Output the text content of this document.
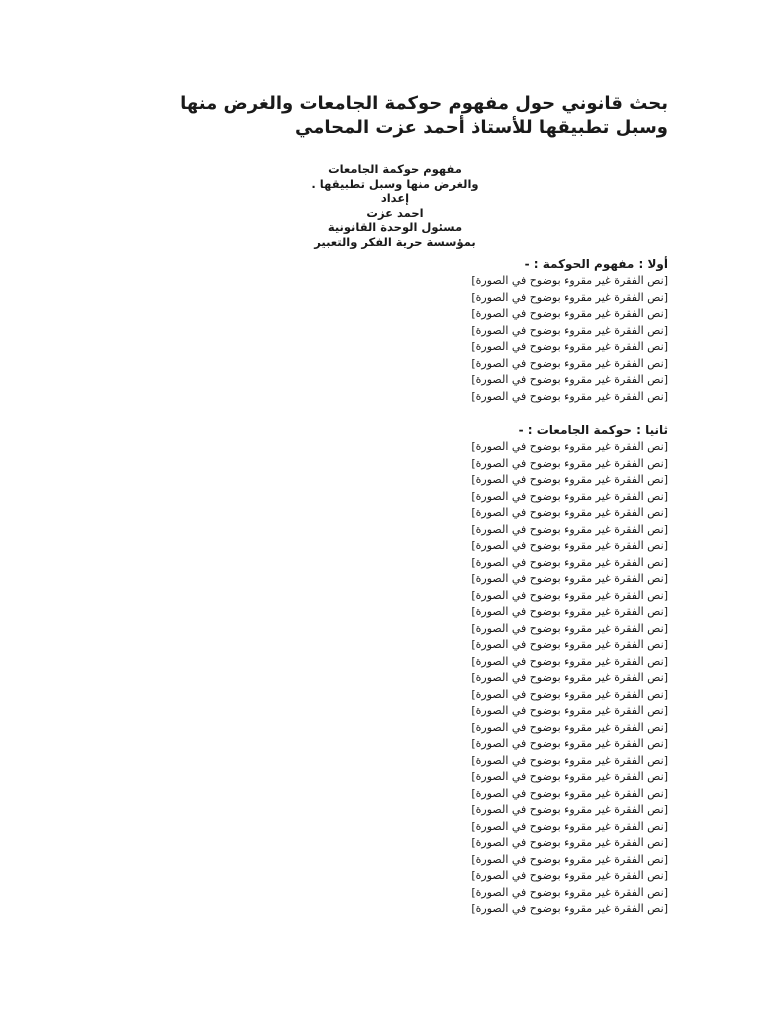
بحث قانوني حول مفهوم حوكمة الجامعات والغرض منها وسبل تطبيقها للأستاذ أحمد عزت المحامي
مفهوم حوكمة الجامعات
والغرض منها وسبل تطبيقها .
إعداد
احمد عزت
مسئول الوحدة القانونية
بمؤسسة حرية الفكر والتعبير
أولا : مفهوم الحوكمة : -
[نص الفقرة غير مقروء بوضوح في الصورة]
[نص الفقرة غير مقروء بوضوح في الصورة]
[نص الفقرة غير مقروء بوضوح في الصورة]
[نص الفقرة غير مقروء بوضوح في الصورة]
[نص الفقرة غير مقروء بوضوح في الصورة]
[نص الفقرة غير مقروء بوضوح في الصورة]
[نص الفقرة غير مقروء بوضوح في الصورة]
[نص الفقرة غير مقروء بوضوح في الصورة]
ثانيا : حوكمة الجامعات : -
[نص الفقرة غير مقروء بوضوح في الصورة]
[نص الفقرة غير مقروء بوضوح في الصورة]
[نص الفقرة غير مقروء بوضوح في الصورة]
[نص الفقرة غير مقروء بوضوح في الصورة]
[نص الفقرة غير مقروء بوضوح في الصورة]
[نص الفقرة غير مقروء بوضوح في الصورة]
[نص الفقرة غير مقروء بوضوح في الصورة]
[نص الفقرة غير مقروء بوضوح في الصورة]
[نص الفقرة غير مقروء بوضوح في الصورة]
[نص الفقرة غير مقروء بوضوح في الصورة]
[نص الفقرة غير مقروء بوضوح في الصورة]
[نص الفقرة غير مقروء بوضوح في الصورة]
[نص الفقرة غير مقروء بوضوح في الصورة]
[نص الفقرة غير مقروء بوضوح في الصورة]
[نص الفقرة غير مقروء بوضوح في الصورة]
[نص الفقرة غير مقروء بوضوح في الصورة]
[نص الفقرة غير مقروء بوضوح في الصورة]
[نص الفقرة غير مقروء بوضوح في الصورة]
[نص الفقرة غير مقروء بوضوح في الصورة]
[نص الفقرة غير مقروء بوضوح في الصورة]
[نص الفقرة غير مقروء بوضوح في الصورة]
[نص الفقرة غير مقروء بوضوح في الصورة]
[نص الفقرة غير مقروء بوضوح في الصورة]
[نص الفقرة غير مقروء بوضوح في الصورة]
[نص الفقرة غير مقروء بوضوح في الصورة]
[نص الفقرة غير مقروء بوضوح في الصورة]
[نص الفقرة غير مقروء بوضوح في الصورة]
[نص الفقرة غير مقروء بوضوح في الصورة]
[نص الفقرة غير مقروء بوضوح في الصورة]
